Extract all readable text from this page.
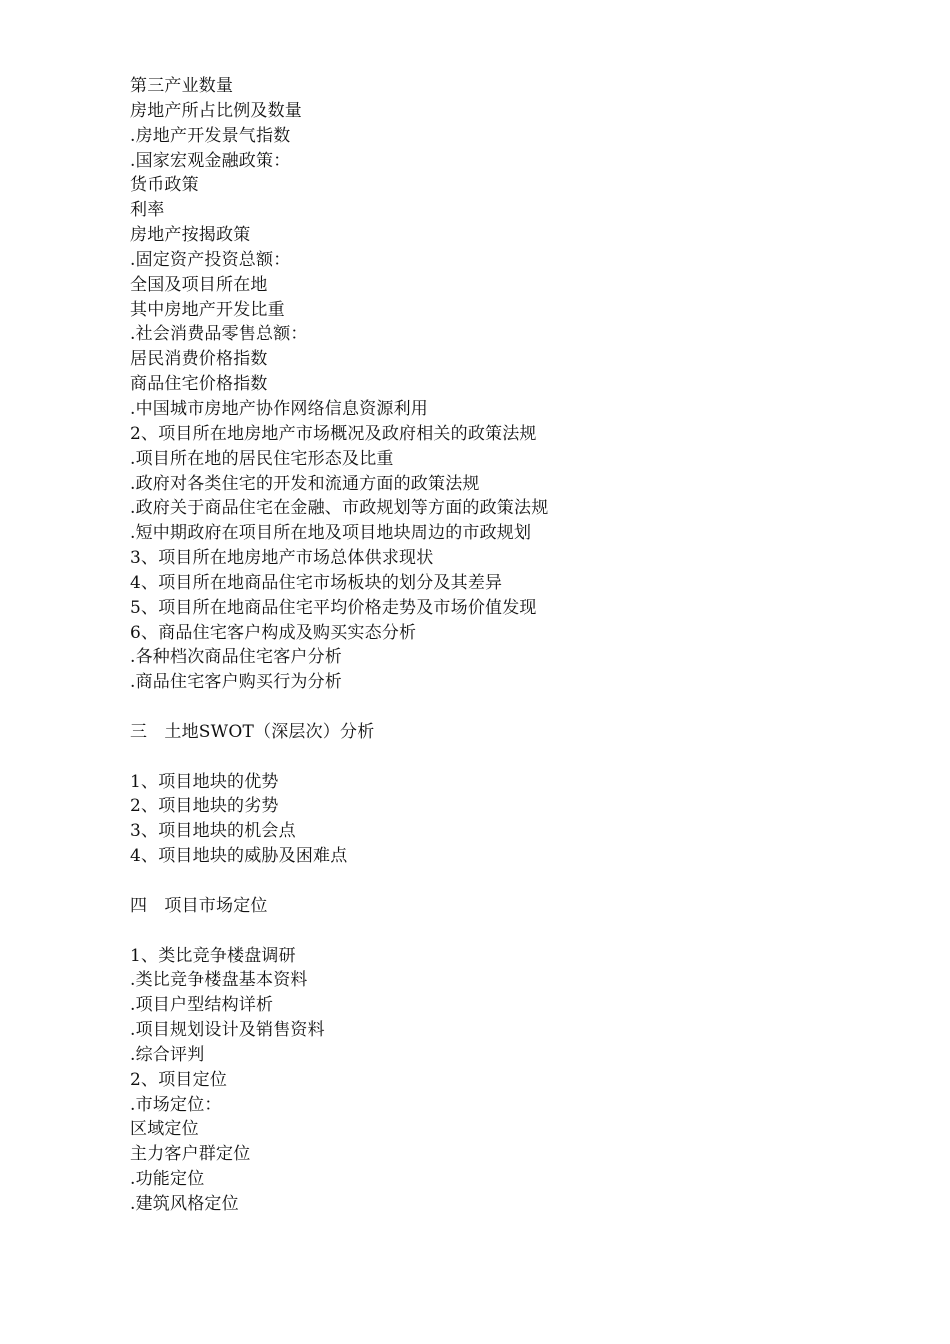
第三产业数量
房地产所占比例及数量
.房地产开发景气指数
.国家宏观金融政策：
货币政策
利率
房地产按揭政策
.固定资产投资总额：
全国及项目所在地
其中房地产开发比重
.社会消费品零售总额：
居民消费价格指数
商品住宅价格指数
.中国城市房地产协作网络信息资源利用
2、项目所在地房地产市场概况及政府相关的政策法规
.项目所在地的居民住宅形态及比重
.政府对各类住宅的开发和流通方面的政策法规
.政府关于商品住宅在金融、市政规划等方面的政策法规
.短中期政府在项目所在地及项目地块周边的市政规划
3、项目所在地房地产市场总体供求现状
4、项目所在地商品住宅市场板块的划分及其差异
5、项目所在地商品住宅平均价格走势及市场价值发现
6、商品住宅客户构成及购买实态分析
.各种档次商品住宅客户分析
.商品住宅客户购买行为分析
三　土地SWOT（深层次）分析
1、项目地块的优势
2、项目地块的劣势
3、项目地块的机会点
4、项目地块的威胁及困难点
四　项目市场定位
1、类比竞争楼盘调研
.类比竞争楼盘基本资料
.项目户型结构详析
.项目规划设计及销售资料
.综合评判
2、项目定位
.市场定位：
区域定位
主力客户群定位
.功能定位
.建筑风格定位
